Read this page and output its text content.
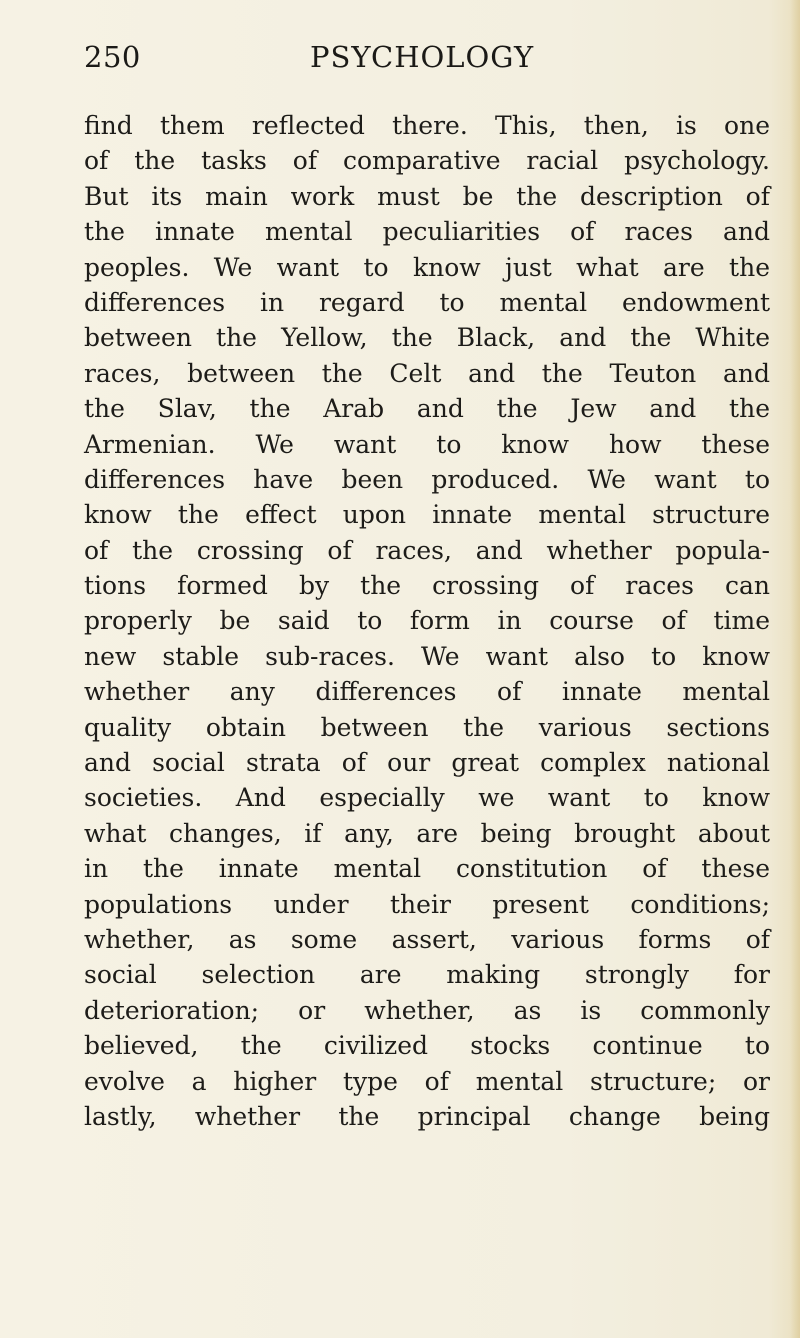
250	PSYCHOLOGY
find them reflected there. This, then, is one
of the tasks of comparative racial psychology.
But its main work must be the description of
the innate mental peculiarities of races and
peoples. We want to know just what are the
differences in regard to mental endowment
between the Yellow, the Black, and the White
races, between the Celt and the Teuton and
the Slav, the Arab and the Jew and the
Armenian. We want to know how these
differences have been produced. We want to
know the effect upon innate mental structure
of the crossing of races, and whether popula-
tions formed by the crossing of races can
properly be said to form in course of time
new stable sub-races. We want also to know
whether any differences of innate mental
quality obtain between the various sections
and social strata of our great complex national
societies. And especially we want to know
what changes, if any, are being brought about
in the innate mental constitution of these
populations under their present conditions;
whether, as some assert, various forms of
social selection are making strongly for
deterioration; or whether, as is commonly
believed, the civilized stocks continue to
evolve a higher type of mental structure; or
lastly, whether the principal change being
